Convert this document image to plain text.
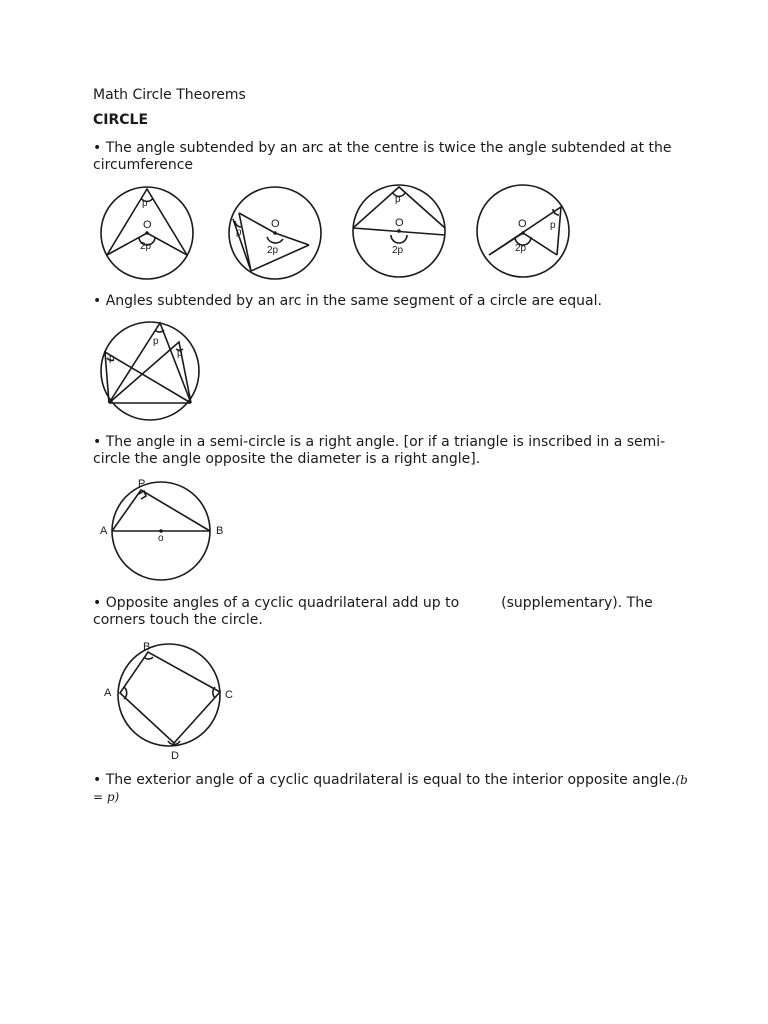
Math Circle Theorems

CIRCLE

• The angle subtended by an arc at the centre is twice the angle subtended at the circumference

p
O
2p
p
O
2p
p
O
2p
p
O
2p

• Angles subtended by an arc in the same segment of a circle are equal.

p
p
p

• The angle in a semi-circle is a right angle. [or if a triangle is inscribed in a semi-circle the angle opposite the diameter is a right angle].

P
A	B
o

• Opposite angles of a cyclic quadrilateral add up to	(supplementary). The corners touch the circle.

B
A	C
D

• The exterior angle of a cyclic quadrilateral is equal to the interior opposite angle.(b = p)
